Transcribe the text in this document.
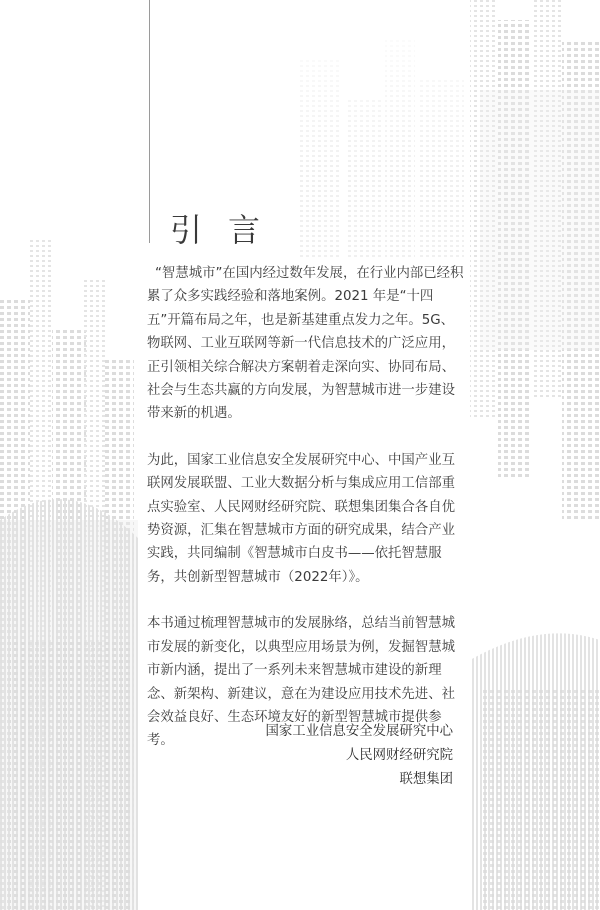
引言

“智慧城市”在国内经过数年发展，在行业内部已经积累了众多实践经验和落地案例。2021 年是“十四五”开篇布局之年，也是新基建重点发力之年。5G、物联网、工业互联网等新一代信息技术的广泛应用，正引领相关综合解决方案朝着走深向实、协同布局、社会与生态共赢的方向发展，为智慧城市进一步建设带来新的机遇。

为此，国家工业信息安全发展研究中心、中国产业互联网发展联盟、工业大数据分析与集成应用工信部重点实验室、人民网财经研究院、联想集团集合各自优势资源，汇集在智慧城市方面的研究成果，结合产业实践，共同编制《智慧城市白皮书——依托智慧服务，共创新型智慧城市（2022年）》。

本书通过梳理智慧城市的发展脉络，总结当前智慧城市发展的新变化，以典型应用场景为例，发掘智慧城市新内涵，提出了一系列未来智慧城市建设的新理念、新架构、新建议，意在为建设应用技术先进、社会效益良好、生态环境友好的新型智慧城市提供参考。

国家工业信息安全发展研究中心
人民网财经研究院
联想集团
